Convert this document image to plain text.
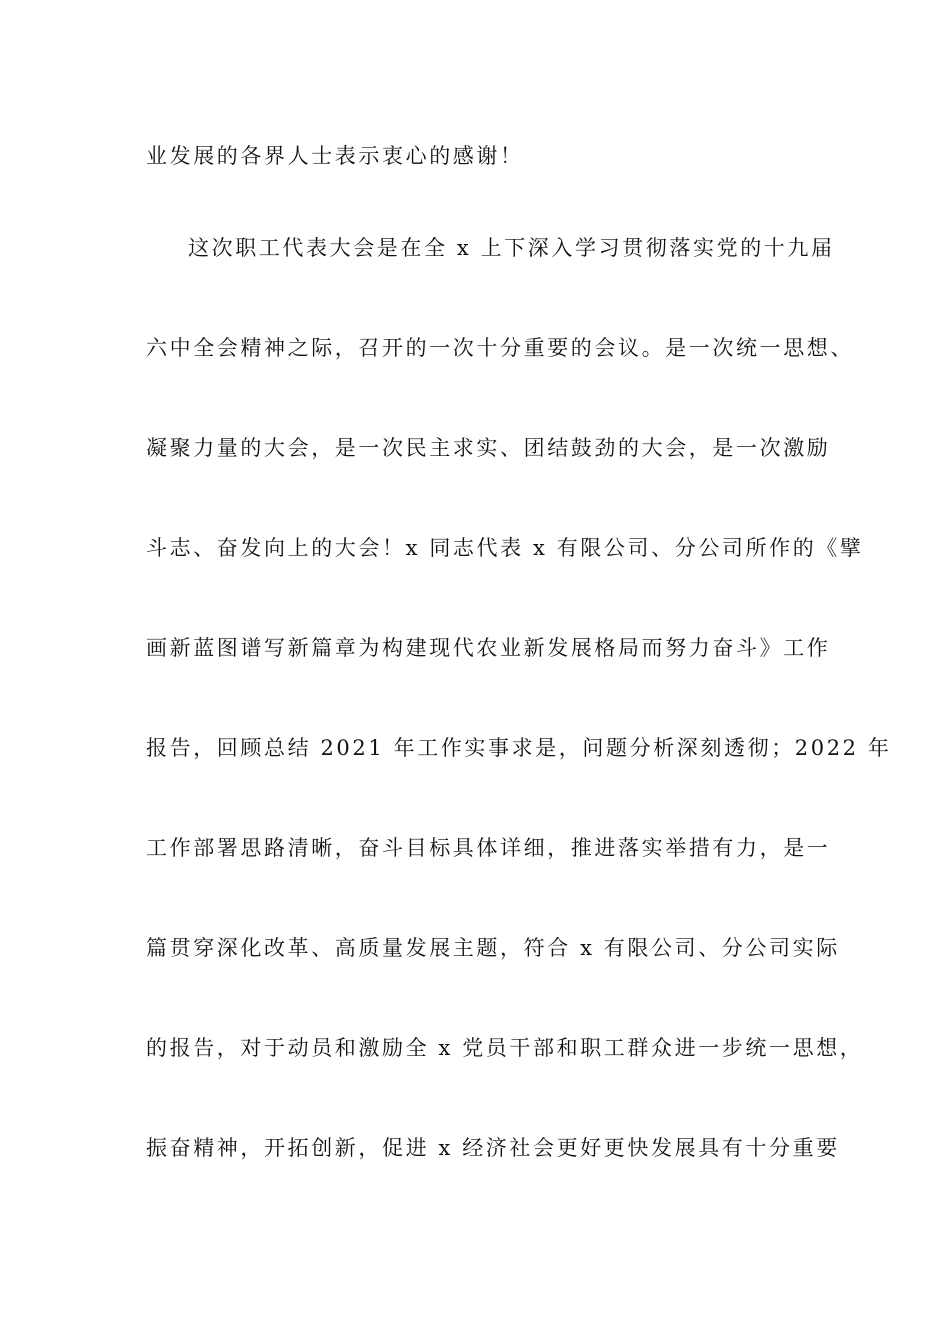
业发展的各界人士表示衷心的感谢！
这次职工代表大会是在全 x 上下深入学习贯彻落实党的十九届
六中全会精神之际，召开的一次十分重要的会议。是一次统一思想、
凝聚力量的大会，是一次民主求实、团结鼓劲的大会，是一次激励
斗志、奋发向上的大会！x 同志代表 x 有限公司、分公司所作的《擘
画新蓝图谱写新篇章为构建现代农业新发展格局而努力奋斗》工作
报告，回顾总结 2021 年工作实事求是，问题分析深刻透彻；2022 年
工作部署思路清晰，奋斗目标具体详细，推进落实举措有力，是一
篇贯穿深化改革、高质量发展主题，符合 x 有限公司、分公司实际
的报告，对于动员和激励全 x 党员干部和职工群众进一步统一思想，
振奋精神，开拓创新，促进 x 经济社会更好更快发展具有十分重要
